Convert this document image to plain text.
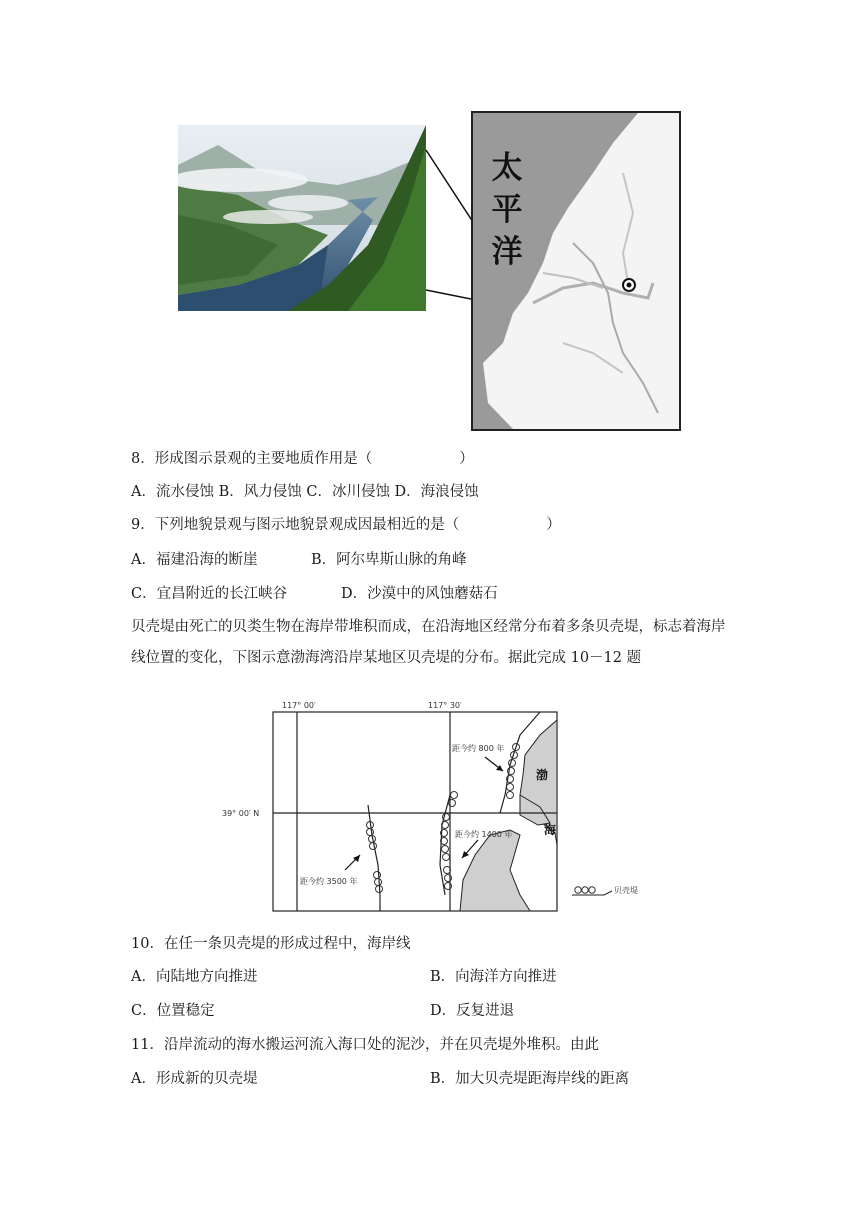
太
平
洋
8．形成图示景观的主要地质作用是（　　　　　　）
A．流水侵蚀 B．风力侵蚀 C．冰川侵蚀 D．海浪侵蚀
9．下列地貌景观与图示地貌景观成因最相近的是（　　　　　　）
A．福建沿海的断崖	B．阿尔卑斯山脉的角峰
C．宜昌附近的长江峡谷	D．沙漠中的风蚀蘑菇石
贝壳堤由死亡的贝类生物在海岸带堆积而成，在沿海地区经常分布着多条贝壳堤，标志着海岸线位置的变化，下图示意渤海湾沿岸某地区贝壳堤的分布。据此完成 10－12 题
117° 00′	117° 30′
39° 00′ N
距今约 800 年
距今约 1400 年
距今约 3500 年
渤
海
贝壳堤
10．在任一条贝壳堤的形成过程中，海岸线
A．向陆地方向推进	B．向海洋方向推进
C．位置稳定	D．反复进退
11．沿岸流动的海水搬运河流入海口处的泥沙，并在贝壳堤外堆积。由此
A．形成新的贝壳堤	B．加大贝壳堤距海岸线的距离
